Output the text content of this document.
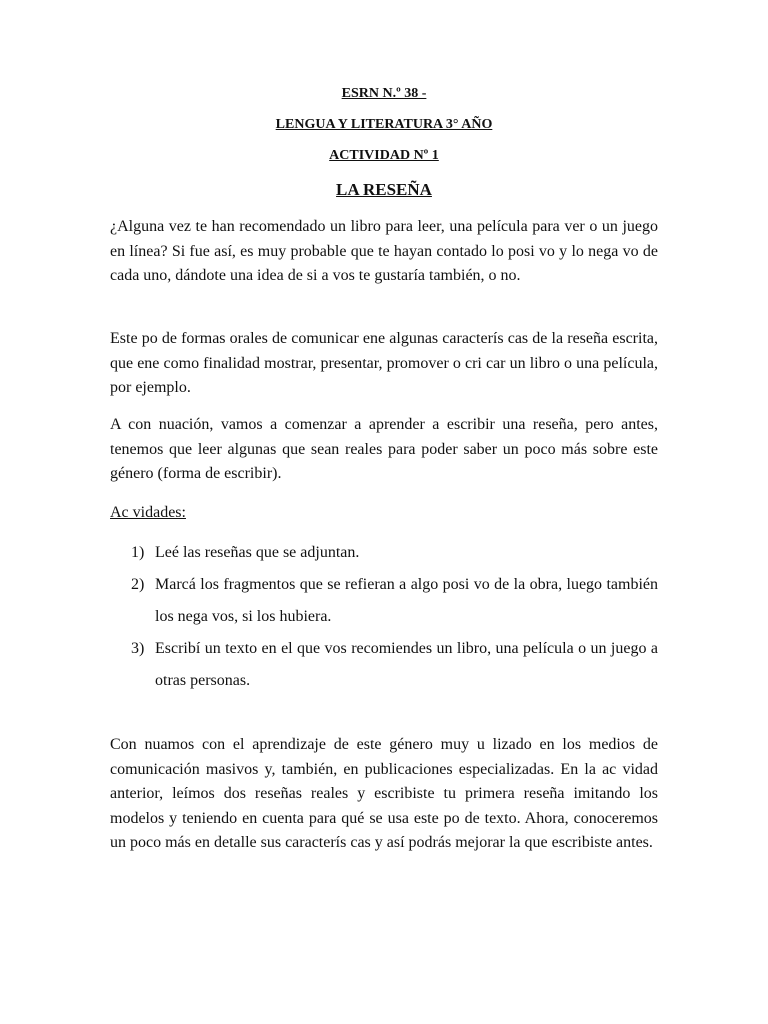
ESRN N.º 38 -
LENGUA Y LITERATURA 3° AÑO
ACTIVIDAD Nº 1
LA RESEÑA

¿Alguna vez te han recomendado un libro para leer, una película para ver o un juego en línea? Si fue así, es muy probable que te hayan contado lo posi vo y lo nega vo de cada uno, dándote una idea de si a vos te gustaría también, o no.

Este po de formas orales de comunicar ene algunas caracterís cas de la reseña escrita, que ene como finalidad mostrar, presentar, promover o cri car un libro o una película, por ejemplo.

A con nuación, vamos a comenzar a aprender a escribir una reseña, pero antes, tenemos que leer algunas que sean reales para poder saber un poco más sobre este género (forma de escribir).

Ac vidades:

1) Leé las reseñas que se adjuntan.
2) Marcá los fragmentos que se refieran a algo posi vo de la obra, luego también los nega vos, si los hubiera.
3) Escribí un texto en el que vos recomiendes un libro, una película o un juego a otras personas.

Con nuamos con el aprendizaje de este género muy u lizado en los medios de comunicación masivos y, también, en publicaciones especializadas. En la ac vidad anterior, leímos dos reseñas reales y escribiste tu primera reseña imitando los modelos y teniendo en cuenta para qué se usa este po de texto. Ahora, conoceremos un poco más en detalle sus caracterís cas y así podrás mejorar la que escribiste antes.
